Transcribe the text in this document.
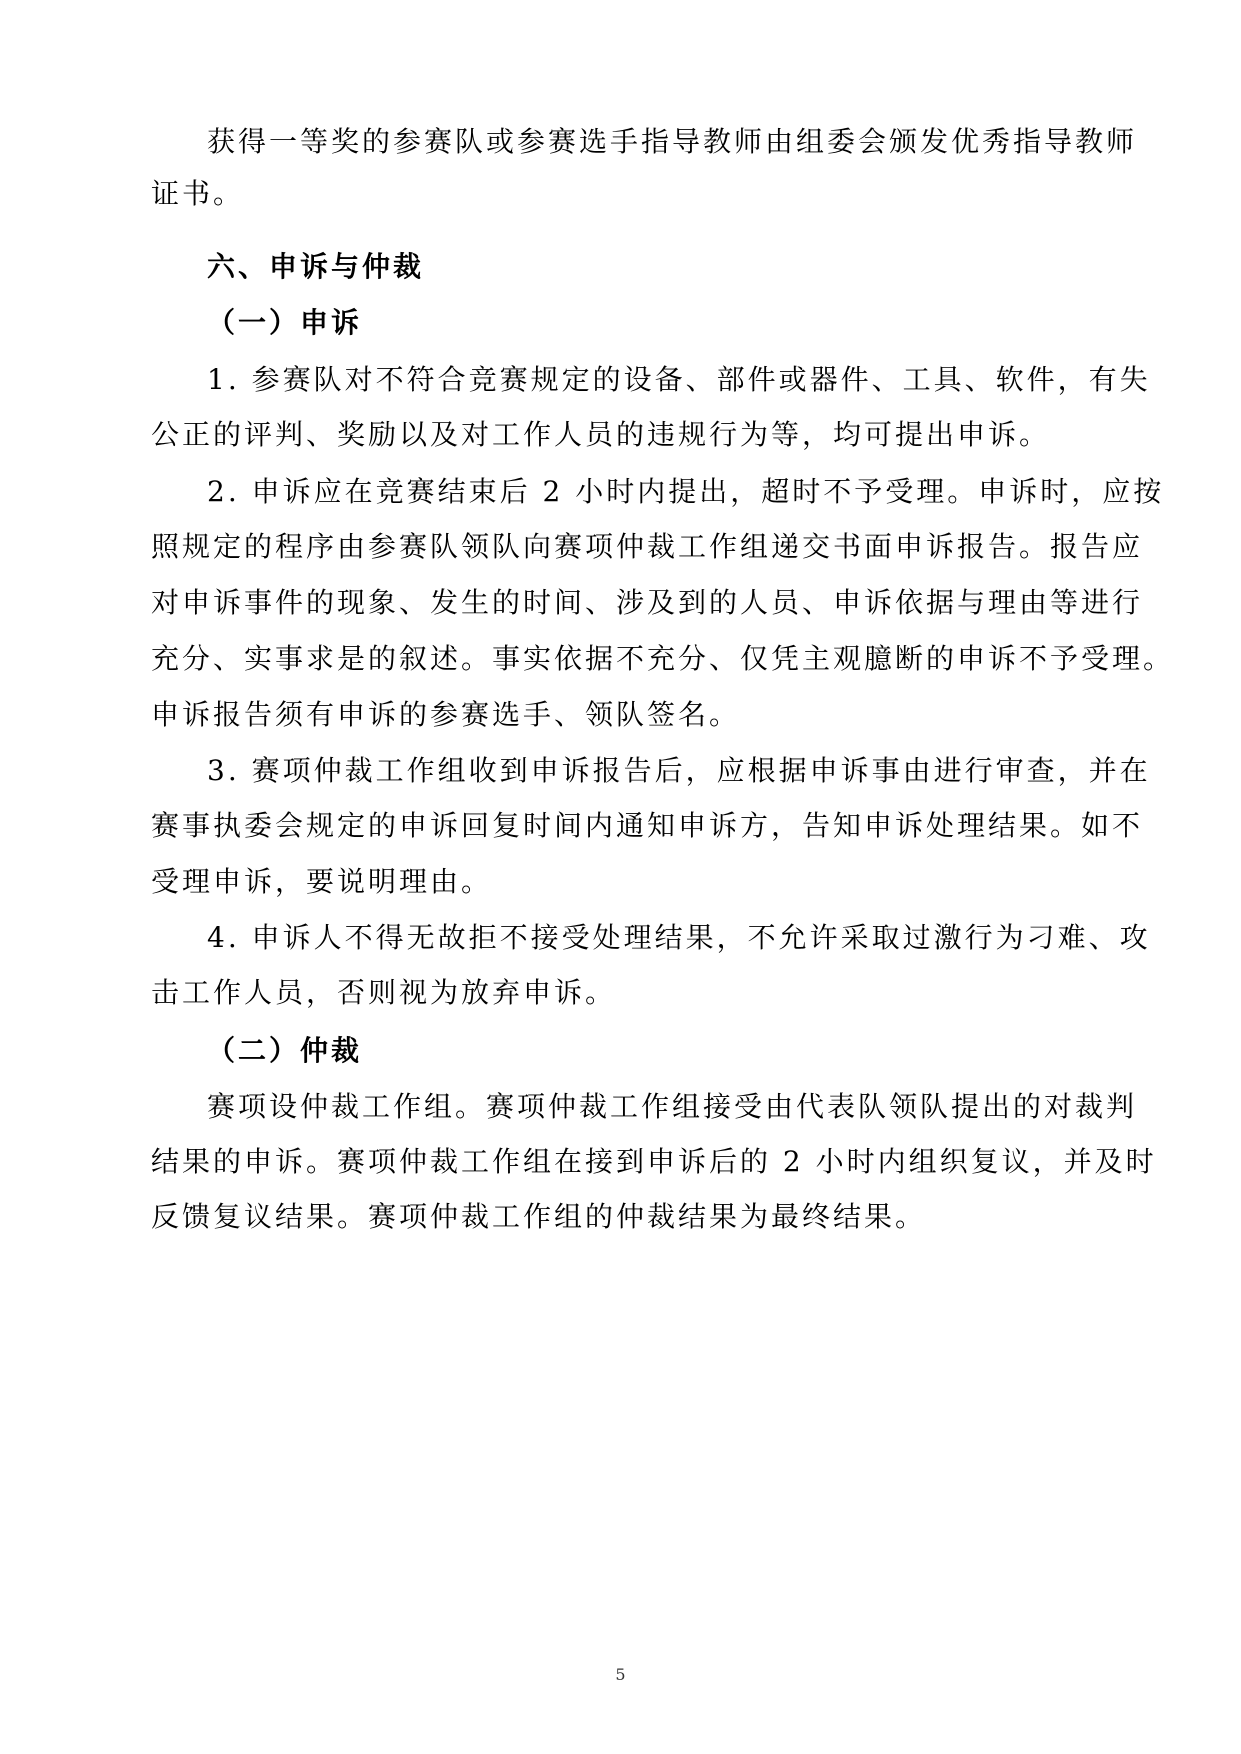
获得一等奖的参赛队或参赛选手指导教师由组委会颁发优秀指导教师
证书。
六、申诉与仲裁
（一）申诉
1. 参赛队对不符合竞赛规定的设备、部件或器件、工具、软件，有失
公正的评判、奖励以及对工作人员的违规行为等，均可提出申诉。
2. 申诉应在竞赛结束后 2 小时内提出，超时不予受理。申诉时，应按
照规定的程序由参赛队领队向赛项仲裁工作组递交书面申诉报告。报告应
对申诉事件的现象、发生的时间、涉及到的人员、申诉依据与理由等进行
充分、实事求是的叙述。事实依据不充分、仅凭主观臆断的申诉不予受理。
申诉报告须有申诉的参赛选手、领队签名。
3. 赛项仲裁工作组收到申诉报告后，应根据申诉事由进行审查，并在
赛事执委会规定的申诉回复时间内通知申诉方，告知申诉处理结果。如不
受理申诉，要说明理由。
4. 申诉人不得无故拒不接受处理结果，不允许采取过激行为刁难、攻
击工作人员，否则视为放弃申诉。
（二）仲裁
赛项设仲裁工作组。赛项仲裁工作组接受由代表队领队提出的对裁判
结果的申诉。赛项仲裁工作组在接到申诉后的 2 小时内组织复议，并及时
反馈复议结果。赛项仲裁工作组的仲裁结果为最终结果。
5
